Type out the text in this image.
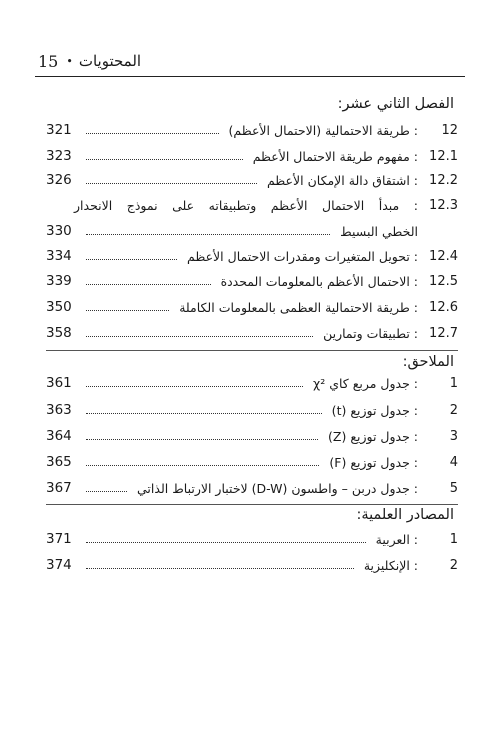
15 • المحتويات
الفصل الثاني عشر:
321	: طريقة الاحتمالية (الاحتمال الأعظم)	12
323	: مفهوم طريقة الاحتمال الأعظم 12.1
326	: اشتقاق دالة الإمكان الأعظم 12.2
12.3
: مبدأ الاحتمال الأعظم وتطبيقاته على نموذج الانحدار
330	الخطي البسيط
334	: تحويل المتغيرات ومقدرات الاحتمال الأعظم 12.4
339	: الاحتمال الأعظم بالمعلومات المحددة 12.5
350	: طريقة الاحتمالية العظمى بالمعلومات الكاملة 12.6
358	: تطبيقات وتمارين 12.7
الملاحق:
361	: جدول مربع كاي χ²	1
363	: جدول توزيع (t)	2
364	: جدول توزيع (Z)	3
365	: جدول توزيع (F)	4
367	: جدول دربن – واطسون (D-W) لاختبار الارتباط الذاتي	5
المصادر العلمية:
371	: العربية	1
374	: الإنكليزية	2
